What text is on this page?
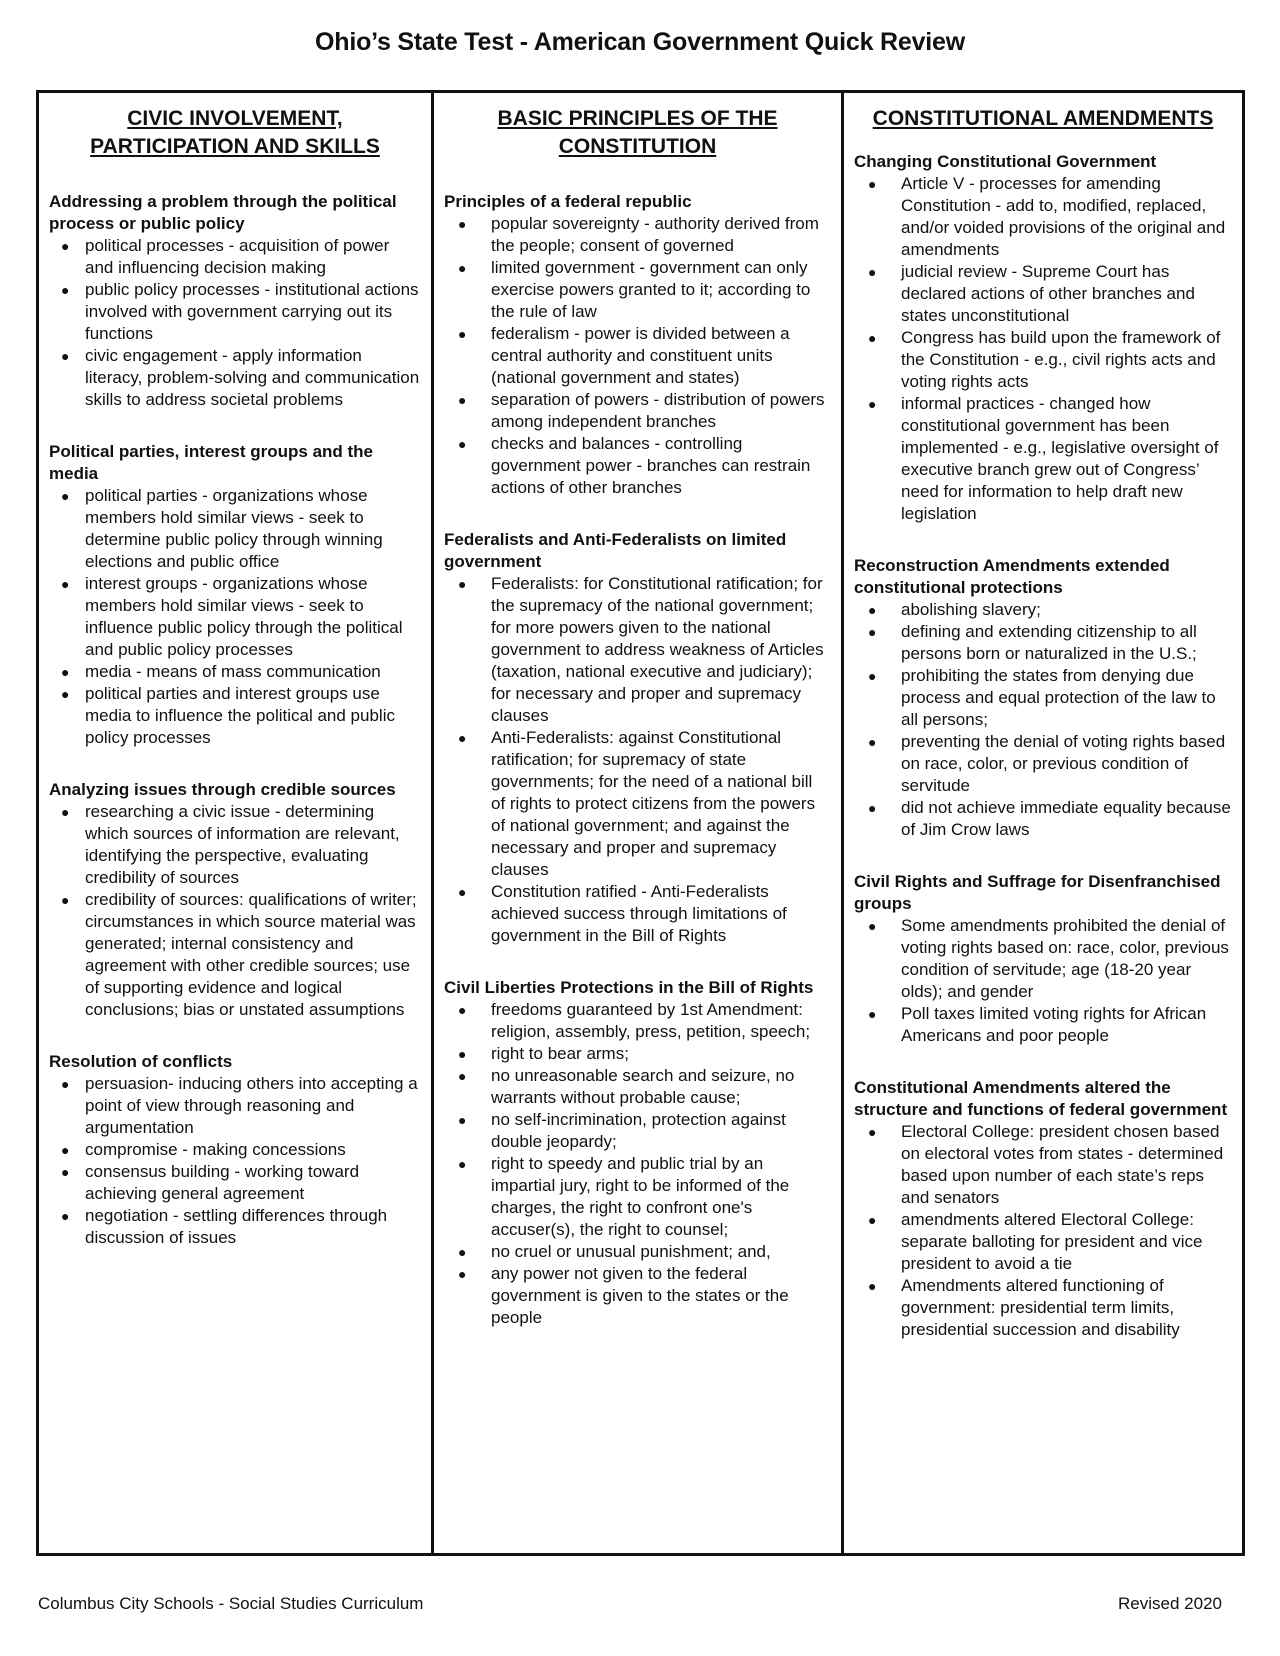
Ohio’s State Test - American Government Quick Review

CIVIC INVOLVEMENT, PARTICIPATION AND SKILLS

Addressing a problem through the political process or public policy

● political processes - acquisition of power and influencing decision making
● public policy processes - institutional actions involved with government carrying out its functions
● civic engagement - apply information literacy, problem-solving and communication skills to address societal problems

Political parties, interest groups and the media

● political parties - organizations whose members hold similar views - seek to determine public policy through winning elections and public office
● interest groups - organizations whose members hold similar views - seek to influence public policy through the political and public policy processes
● media - means of mass communication
● political parties and interest groups use media to influence the political and public policy processes

Analyzing issues through credible sources

● researching a civic issue - determining which sources of information are relevant, identifying the perspective, evaluating credibility of sources
● credibility of sources: qualifications of writer; circumstances in which source material was generated; internal consistency and agreement with other credible sources; use of supporting evidence and logical conclusions; bias or unstated assumptions

Resolution of conflicts

● persuasion- inducing others into accepting a point of view through reasoning and argumentation
● compromise - making concessions
● consensus building - working toward achieving general agreement
● negotiation - settling differences through discussion of issues

BASIC PRINCIPLES OF THE CONSTITUTION

Principles of a federal republic

● popular sovereignty - authority derived from the people; consent of governed
● limited government - government can only exercise powers granted to it; according to the rule of law
● federalism - power is divided between a central authority and constituent units (national government and states)
● separation of powers - distribution of powers among independent branches
● checks and balances - controlling government power - branches can restrain actions of other branches

Federalists and Anti-Federalists on limited government

● Federalists: for Constitutional ratification; for the supremacy of the national government; for more powers given to the national government to address weakness of Articles (taxation, national executive and judiciary); for necessary and proper and supremacy clauses
● Anti-Federalists: against Constitutional ratification; for supremacy of state governments; for the need of a national bill of rights to protect citizens from the powers of national government; and against the necessary and proper and supremacy clauses
● Constitution ratified - Anti-Federalists achieved success through limitations of government in the Bill of Rights

Civil Liberties Protections in the Bill of Rights

● freedoms guaranteed by 1st Amendment: religion, assembly, press, petition, speech;
● right to bear arms;
● no unreasonable search and seizure, no warrants without probable cause;
● no self-incrimination, protection against double jeopardy;
● right to speedy and public trial by an impartial jury, right to be informed of the charges, the right to confront one's accuser(s), the right to counsel;
● no cruel or unusual punishment; and,
● any power not given to the federal government is given to the states or the people

CONSTITUTIONAL AMENDMENTS

Changing Constitutional Government

● Article V - processes for amending Constitution - add to, modified, replaced, and/or voided provisions of the original and amendments
● judicial review - Supreme Court has declared actions of other branches and states unconstitutional
● Congress has build upon the framework of the Constitution - e.g., civil rights acts and voting rights acts
● informal practices - changed how constitutional government has been implemented - e.g., legislative oversight of executive branch grew out of Congress’ need for information to help draft new legislation

Reconstruction Amendments extended constitutional protections

● abolishing slavery;
● defining and extending citizenship to all persons born or naturalized in the U.S.;
● prohibiting the states from denying due process and equal protection of the law to all persons;
● preventing the denial of voting rights based on race, color, or previous condition of servitude
● did not achieve immediate equality because of Jim Crow laws

Civil Rights and Suffrage for Disenfranchised groups

● Some amendments prohibited the denial of voting rights based on: race, color, previous condition of servitude; age (18-20 year olds); and gender
● Poll taxes limited voting rights for African Americans and poor people

Constitutional Amendments altered the structure and functions of federal government

● Electoral College: president chosen based on electoral votes from states - determined based upon number of each state’s reps and senators
● amendments altered Electoral College: separate balloting for president and vice president to avoid a tie
● Amendments altered functioning of government: presidential term limits, presidential succession and disability
Columbus City Schools - Social Studies Curriculum	Revised 2020
